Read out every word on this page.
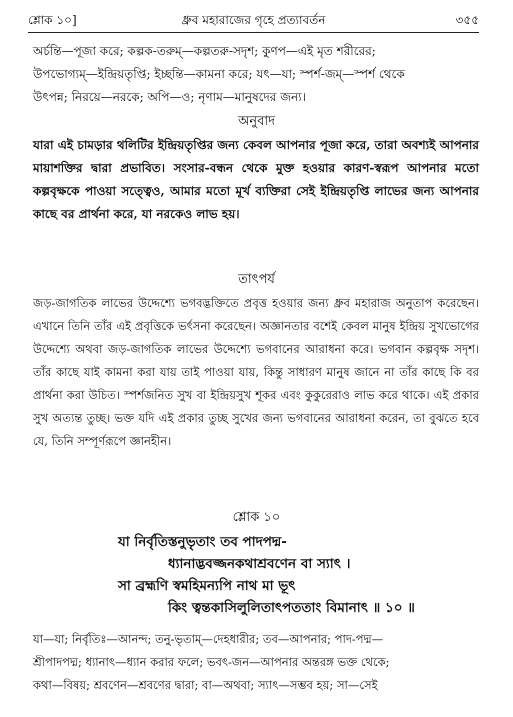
শ্লোক ১০]	ধ্রুব মহারাজের গৃহে প্রত্যাবর্তন	৩৫৫

অর্চন্তি—পূজা করে; কল্পক-তরুম্—কল্পতরু-সদৃশ; কুণপ—এই মৃত শরীরের;

উপভোগ্যম্—ইন্দ্রিয়তৃপ্তি; ইচ্ছন্তি—কামনা করে; যৎ—যা; স্পর্শ-জম্—স্পর্শ থেকে

উৎপন্ন; নিরয়ে—নরকে; অপি—ও; নৃণাম—মানুষদের জন্য।

অনুবাদ

যারা এই চামড়ার থলিটির ইন্দ্রিয়তৃপ্তির জন্য কেবল আপনার পূজা করে, তারা অবশ্যই আপনার মায়াশক্তির দ্বারা প্রভাবিত। সংসার-বন্ধন থেকে মুক্ত হওয়ার কারণ-স্বরূপ আপনার মতো কল্পবৃক্ষকে পাওয়া সত্ত্বেও, আমার মতো মূর্খ ব্যক্তিরা সেই ইন্দ্রিয়তৃপ্তি লাভের জন্য আপনার কাছে বর প্রার্থনা করে, যা নরকেও লাভ হয়।

তাৎপর্য

জড়-জাগতিক লাভের উদ্দেশ্যে ভগবদ্ভক্তিতে প্রবৃত্ত হওয়ার জন্য ধ্রুব মহারাজ অনুতাপ করেছেন। এখানে তিনি তাঁর এই প্রবৃত্তিকে ভর্ৎসনা করেছেন। অজ্ঞানতার বশেই কেবল মানুষ ইন্দ্রিয় সুখভোগের উদ্দেশ্যে অথবা জড়-জাগতিক লাভের উদ্দেশ্যে ভগবানের আরাধনা করে। ভগবান কল্পবৃক্ষ সদৃশ। তাঁর কাছে যাই কামনা করা যায় তাই পাওয়া যায়, কিন্তু সাধারণ মানুষ জানে না তাঁর কাছে কি বর প্রার্থনা করা উচিত। স্পর্শজনিত সুখ বা ইন্দ্রিয়সুখ শূকর এবং কুকুরেরাও লাভ করে থাকে। এই প্রকার সুখ অত্যন্ত তুচ্ছ। ভক্ত যদি এই প্রকার তুচ্ছ সুখের জন্য ভগবানের আরাধনা করেন, তা বুঝতে হবে যে, তিনি সম্পূর্ণরূপে জ্ঞানহীন।

শ্লোক ১০
যা নির্বৃতিস্তনুভৃতাং তব পাদপদ্ম-
ধ্যানাদ্ভবজ্জনকথাশ্রবণেন বা স্যাৎ ।
সা ব্রহ্মণি স্বমহিমন্যপি নাথ মা ভূৎ
কিং ত্বন্তকাসিলুলিতাৎপততাং বিমানাৎ ॥ ১০ ॥

যা—যা; নির্বৃতিঃ—আনন্দ; তনু-ভৃতাম্—দেহধারীর; তব—আপনার; পাদ-পদ্ম—

শ্রীপাদপদ্ম; ধ্যানাৎ—ধ্যান করার ফলে; ভবৎ-জন—আপনার অন্তরঙ্গ ভক্ত থেকে;

কথা—বিষয়; শ্রবণেন—শ্রবণের দ্বারা; বা—অথবা; স্যাৎ—সম্ভব হয়; সা—সেই
